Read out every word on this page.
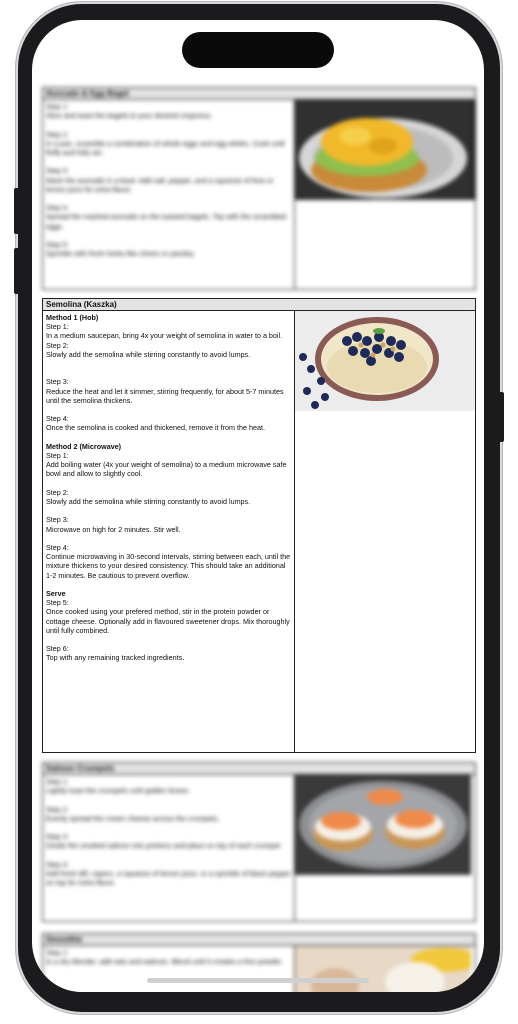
Avocado & Egg Bagel
Step 1:
Slice and toast the bagels to your desired crispness.
Step 2:
In a pan, scramble a combination of whole eggs and egg whites. Cook until fluffy and fully set.
Step 3:
Mash the avocado in a bowl. Add salt, pepper, and a squeeze of lime or lemon juice for extra flavor.
Step 4:
Spread the mashed avocado on the toasted bagels. Top with the scrambled eggs.
Step 5:
Sprinkle with fresh herbs like chives or parsley.
Semolina (Kaszka)
Method 1 (Hob)
Step 1:
In a medium saucepan, bring 4x your weight of semolina in water to a boil.
Step 2:
Slowly add the semolina while stirring constantly to avoid lumps.
Step 3:
Reduce the heat and let it simmer, stirring frequently, for about 5-7 minutes until the semolina thickens.
Step 4:
Once the semolina is cooked and thickened, remove it from the heat.
Method 2 (Microwave)
Step 1:
Add boiling water (4x your weight of semolina) to a medium microwave safe bowl and allow to slightly cool.
Step 2:
Slowly add the semolina while stirring constantly to avoid lumps.
Step 3:
Microwave on high for 2 minutes. Stir well.
Step 4:
Continue microwaving in 30-second intervals, stirring between each, until the mixture thickens to your desired consistency. This should take an additional 1-2 minutes. Be cautious to prevent overflow.
Serve
Step 5:
Once cooked using your prefered method, stir in the protein powder or cottage cheese. Optionally add in flavoured sweetener drops. Mix thoroughly until fully combined.
Step 6:
Top with any remaining tracked ingredients.
Salmon Crumpets
Step 1:
Lightly toast the crumpets until golden brown.
Step 2:
Evenly spread the cream cheese across the crumpets.
Step 3:
Divide the smoked salmon into portions and place on top of each crumpet.
Step 4:
Add fresh dill, capers, a squeeze of lemon juice, or a sprinkle of black pepper on top for extra flavor.
Smoothie
Step 1:
In a dry blender, add oats and walnuts. Blend until it creates a fine powder.
